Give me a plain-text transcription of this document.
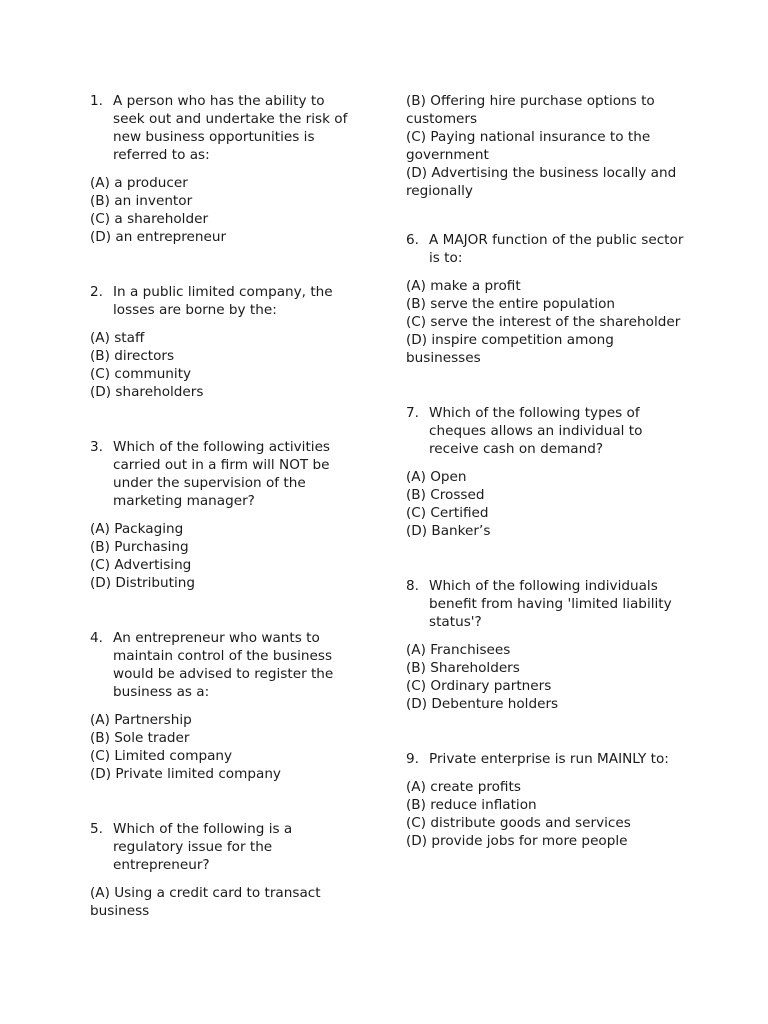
1. A person who has the ability to seek out and undertake the risk of new business opportunities is referred to as:
(A) a producer
(B) an inventor
(C) a shareholder
(D) an entrepreneur
2. In a public limited company, the losses are borne by the:
(A) staff
(B) directors
(C) community
(D) shareholders
3. Which of the following activities carried out in a firm will NOT be under the supervision of the marketing manager?
(A) Packaging
(B) Purchasing
(C) Advertising
(D) Distributing
4. An entrepreneur who wants to maintain control of the business would be advised to register the business as a:
(A) Partnership
(B) Sole trader
(C) Limited company
(D) Private limited company
5. Which of the following is a regulatory issue for the entrepreneur?
(A) Using a credit card to transact business
(B) Offering hire purchase options to customers
(C) Paying national insurance to the government
(D) Advertising the business locally and regionally
6. A MAJOR function of the public sector is to:
(A) make a profit
(B) serve the entire population
(C) serve the interest of the shareholder
(D) inspire competition among businesses
7. Which of the following types of cheques allows an individual to receive cash on demand?
(A) Open
(B) Crossed
(C) Certified
(D) Banker’s
8. Which of the following individuals benefit from having 'limited liability status'?
(A) Franchisees
(B) Shareholders
(C) Ordinary partners
(D) Debenture holders
9. Private enterprise is run MAINLY to:
(A) create profits
(B) reduce inflation
(C) distribute goods and services
(D) provide jobs for more people
